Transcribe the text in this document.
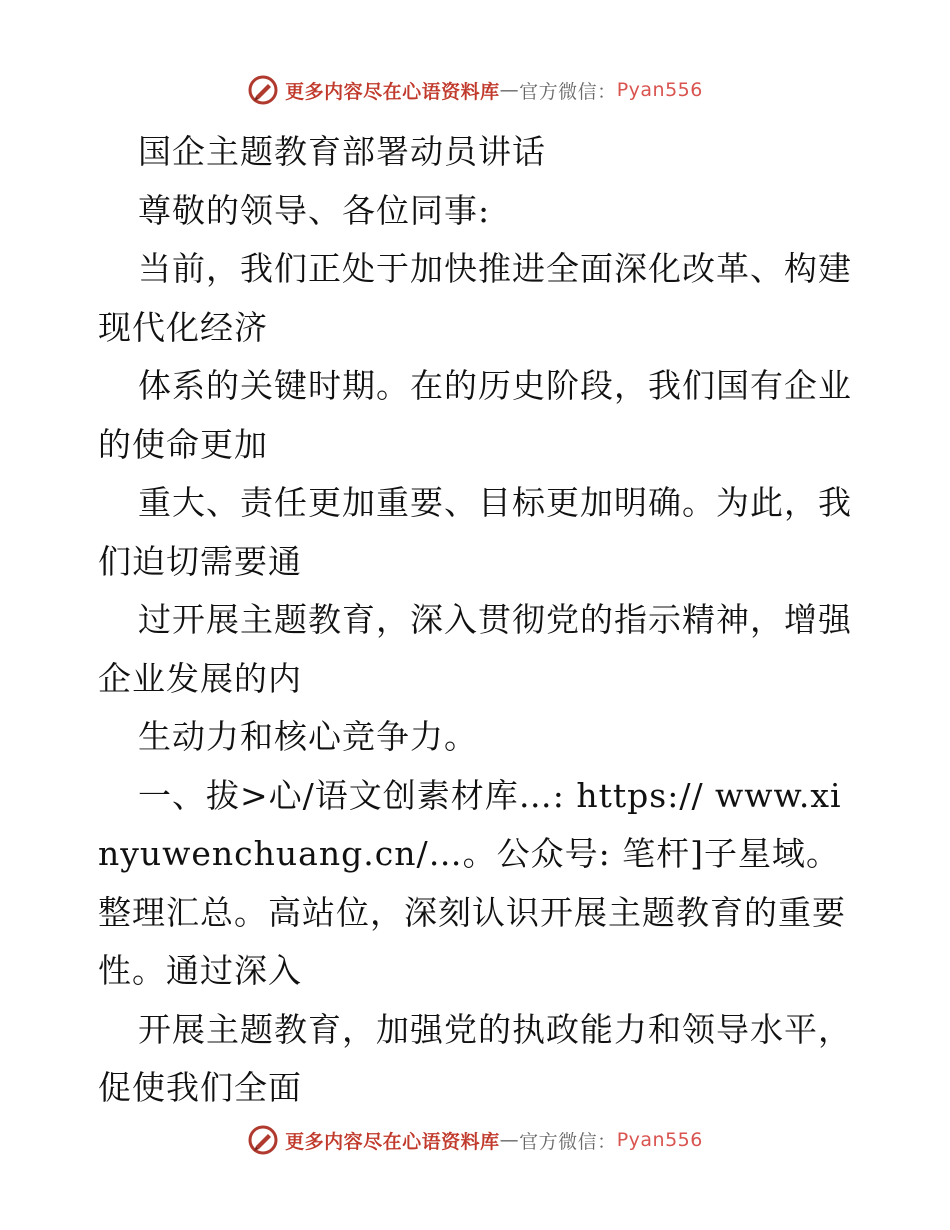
更多内容尽在心语资料库 — 官方微信： Pyan556

国企主题教育部署动员讲话

尊敬的领导、各位同事:

当前，我们正处于加快推进全面深化改革、构建现代化经济

体系的关键时期。在的历史阶段，我们国有企业的使命更加

重大、责任更加重要、目标更加明确。为此，我们迫切需要通

过开展主题教育，深入贯彻党的指示精神，增强企业发展的内

生动力和核心竞争力。

一、拔>心/语文创素材库…: https:// www.xinyuwenchuang.cn/…。公众号: 笔杆]子星域。整理汇总。高站位，深刻认识开展主题教育的重要性。通过深入

开展主题教育，加强党的执政能力和领导水平，促使我们全面

更多内容尽在心语资料库 — 官方微信： Pyan556
